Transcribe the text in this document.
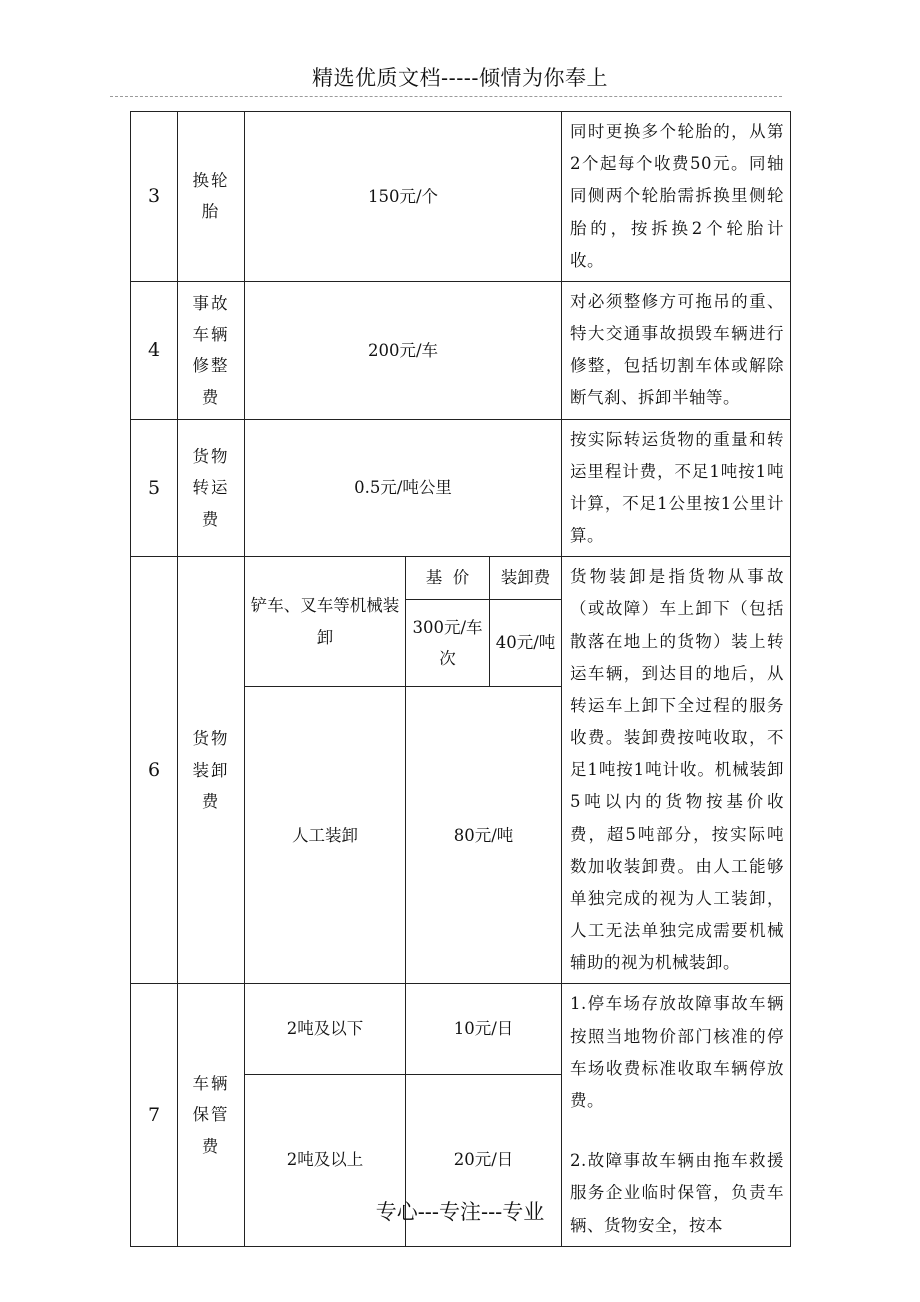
精选优质文档-----倾情为你奉上
3	换轮胎	150元/个			同时更换多个轮胎的，从第2个起每个收费50元。同轴同侧两个轮胎需拆换里侧轮胎的，按拆换2个轮胎计收。
4	事故车辆修整费	200元/车			对必须整修方可拖吊的重、特大交通事故损毁车辆进行修整，包括切割车体或解除断气刹、拆卸半轴等。
5	货物转运费	0.5元/吨公里			按实际转运货物的重量和转运里程计费，不足1吨按1吨计算，不足1公里按1公里计算。
6	货物装卸费	铲车、叉车等机械装卸	基  价	装卸费	货物装卸是指货物从事故（或故障）车上卸下（包括散落在地上的货物）装上转运车辆，到达目的地后，从转运车上卸下全过程的服务收费。装卸费按吨收取，不足1吨按1吨计收。机械装卸5吨以内的货物按基价收费，超5吨部分，按实际吨数加收装卸费。由人工能够单独完成的视为人工装卸，人工无法单独完成需要机械辅助的视为机械装卸。
			300元/车次	40元/吨	
		人工装卸	80元/吨		
7	车辆保管费	2吨及以下	10元/日		1.停车场存放故障事故车辆按照当地物价部门核准的停车场收费标准收取车辆停放费。
2.故障事故车辆由拖车救援服务企业临时保管，负责车辆、货物安全，按本

		2吨及以上	20元/日		
专心---专注---专业
